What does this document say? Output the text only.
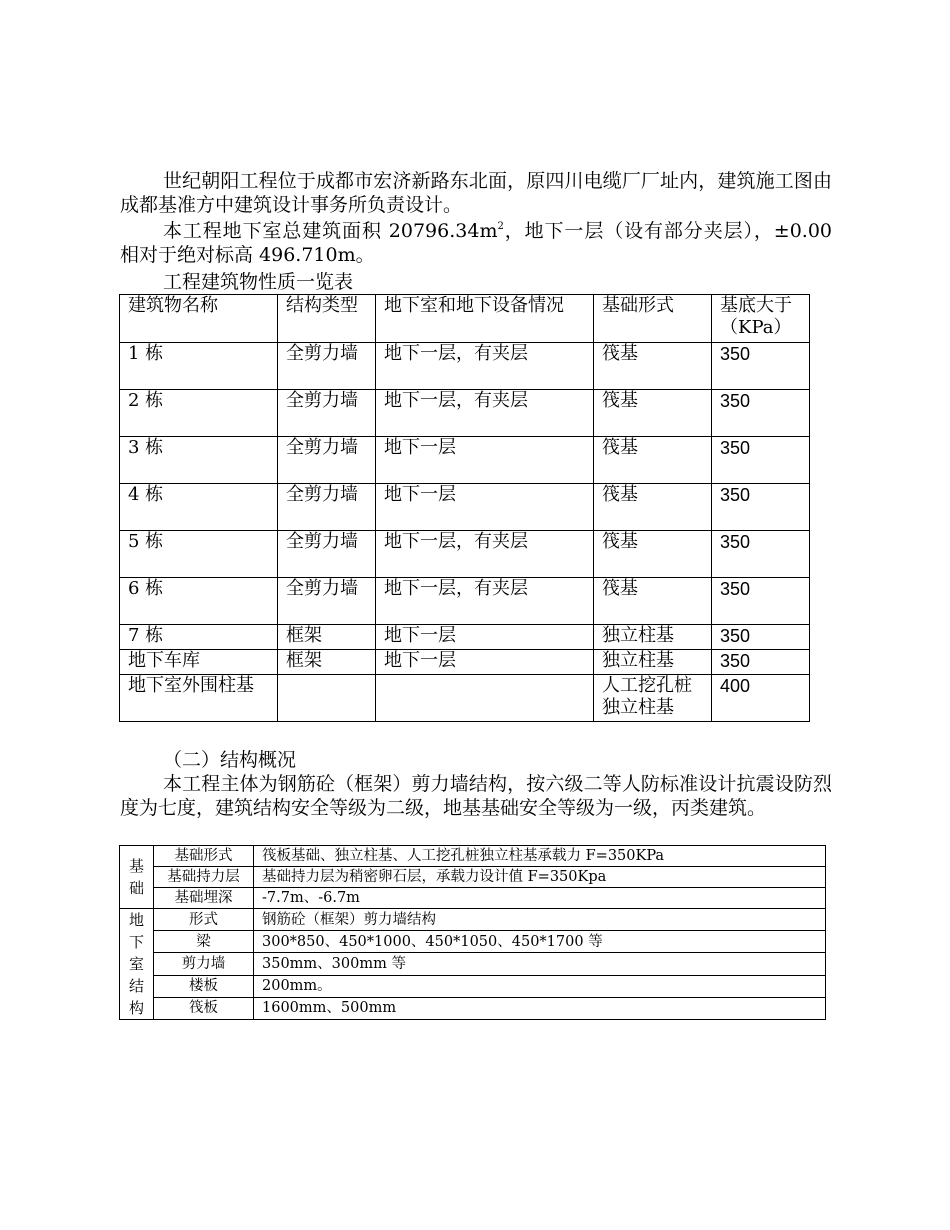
世纪朝阳工程位于成都市宏济新路东北面，原四川电缆厂厂址内，建筑施工图由成都基准方中建筑设计事务所负责设计。

本工程地下室总建筑面积 $20796.34m^2$，地下一层（设有部分夹层），±0.00 相对于绝对标高 496.710m。

工程建筑物性质一览表

建筑物名称	结构类型	地下室和地下设备情况	基础形式	基底大于（KPa）
1 栋	全剪力墙	地下一层，有夹层	筏基	350
2 栋	全剪力墙	地下一层，有夹层	筏基	350
3 栋	全剪力墙	地下一层	筏基	350
4 栋	全剪力墙	地下一层	筏基	350
5 栋	全剪力墙	地下一层，有夹层	筏基	350
6 栋	全剪力墙	地下一层，有夹层	筏基	350
7 栋	框架	地下一层	独立柱基	350
地下车库	框架	地下一层	独立柱基	350
地下室外围柱基			人工挖孔桩独立柱基	400

（二）结构概况

本工程主体为钢筋砼（框架）剪力墙结构，按六级二等人防标准设计抗震设防烈度为七度，建筑结构安全等级为二级，地基基础安全等级为一级，丙类建筑。

基础	基础形式	筏板基础、独立柱基、人工挖孔桩独立柱基承载力 F=350KPa
	基础持力层	基础持力层为稍密卵石层，承载力设计值 F=350Kpa
	基础埋深	-7.7m、-6.7m
地下室结构	形式	钢筋砼（框架）剪力墙结构
	梁	300*850、450*1000、450*1050、450*1700 等
	剪力墙	350mm、300mm 等
	楼板	200mm。
	筏板	1600mm、500mm
